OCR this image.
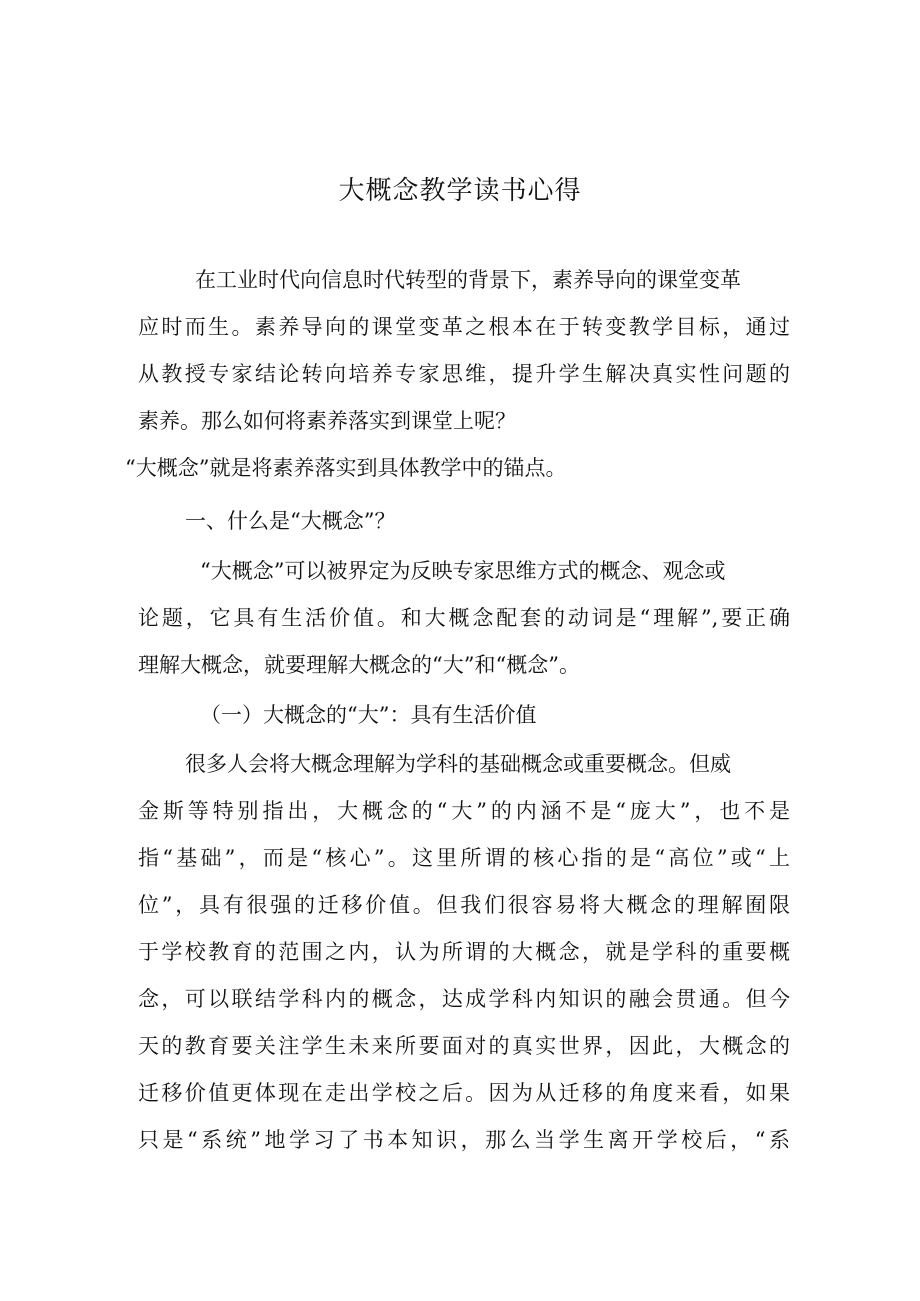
大概念教学读书心得
在工业时代向信息时代转型的背景下，素养导向的课堂变革
应时而生。素养导向的课堂变革之根本在于转变教学目标，通过
从教授专家结论转向培养专家思维，提升学生解决真实性问题的
素养。那么如何将素养落实到课堂上呢？
“大概念”就是将素养落实到具体教学中的锚点。
一、什么是“大概念”？
“大概念”可以被界定为反映专家思维方式的概念、观念或
论题，它具有生活价值。和大概念配套的动词是“理解”,要正确
理解大概念，就要理解大概念的“大”和“概念”。
（一）大概念的“大”：具有生活价值
很多人会将大概念理解为学科的基础概念或重要概念。但威
金斯等特别指出，大概念的“大”的内涵不是“庞大”，也不是
指“基础”，而是“核心”。这里所谓的核心指的是“高位”或“上
位”，具有很强的迁移价值。但我们很容易将大概念的理解囿限
于学校教育的范围之内，认为所谓的大概念，就是学科的重要概
念，可以联结学科内的概念，达成学科内知识的融会贯通。但今
天的教育要关注学生未来所要面对的真实世界，因此，大概念的
迁移价值更体现在走出学校之后。因为从迁移的角度来看，如果
只是“系统”地学习了书本知识，那么当学生离开学校后，“系
